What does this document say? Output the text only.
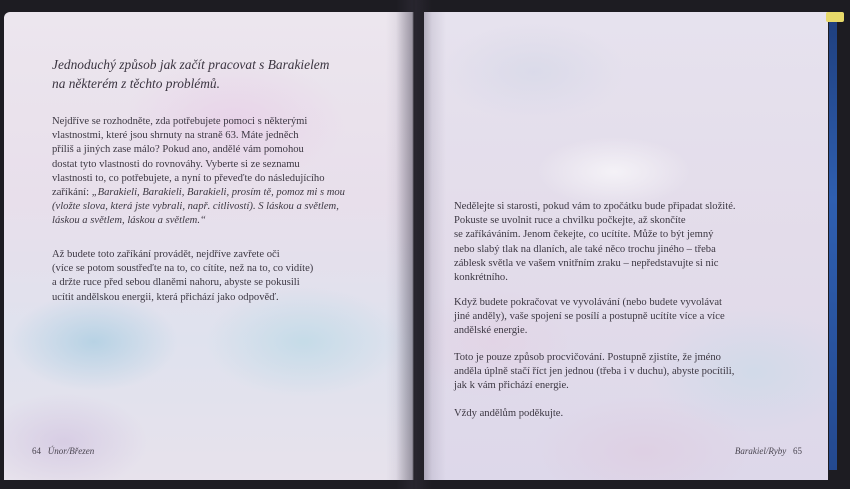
Jednoduchý způsob jak začít pracovat s Barakielem
na některém z těchto problémů.

Nejdříve se rozhodněte, zda potřebujete pomoci s některými
vlastnostmi, které jsou shrnuty na straně 63. Máte jedněch
příliš a jiných zase málo? Pokud ano, andělé vám pomohou
dostat tyto vlastnosti do rovnováhy. Vyberte si ze seznamu
vlastnosti to, co potřebujete, a nyní to převeďte do následujícího
zaříkání: „Barakieli, Barakieli, Barakieli, prosím tě, pomoz mi s mou
(vložte slova, která jste vybrali, např. citlivostí). S láskou a světlem,
láskou a světlem, láskou a světlem.“

Až budete toto zaříkání provádět, nejdříve zavřete oči
(více se potom soustřeďte na to, co cítíte, než na to, co vidíte)
a držte ruce před sebou dlaněmi nahoru, abyste se pokusili
ucítit andělskou energii, která přichází jako odpověď.

64 Únor/Březen

Nedělejte si starosti, pokud vám to zpočátku bude připadat složité.
Pokuste se uvolnit ruce a chvilku počkejte, až skončíte
se zaříkáváním. Jenom čekejte, co ucítíte. Může to být jemný
nebo slabý tlak na dlaních, ale také něco trochu jiného – třeba
záblesk světla ve vašem vnitřním zraku – nepředstavujte si nic
konkrétního.

Když budete pokračovat ve vyvolávání (nebo budete vyvolávat
jiné anděly), vaše spojení se posílí a postupně ucítíte více a více
andělské energie.

Toto je pouze způsob procvičování. Postupně zjistíte, že jméno
anděla úplně stačí říct jen jednou (třeba i v duchu), abyste pocítili,
jak k vám přichází energie.

Vždy andělům poděkujte.

Barakiel/Ryby 65
